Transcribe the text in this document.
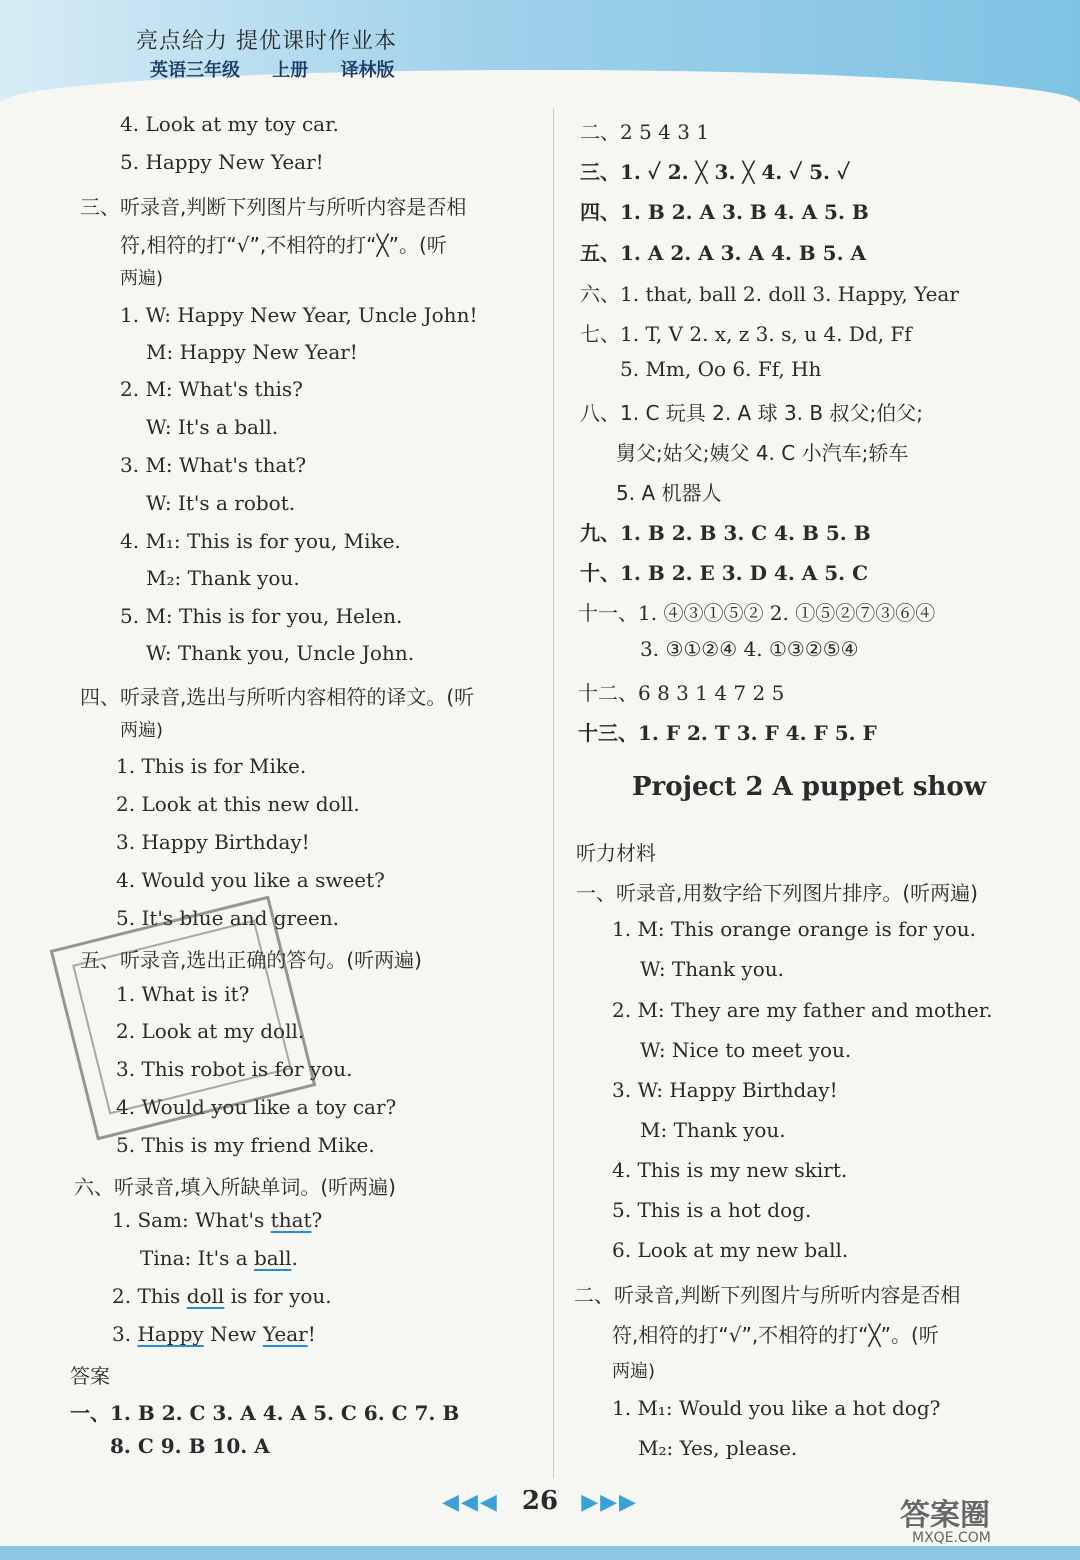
亮点给力 提优课时作业本
英语三年级 上册 译林版
4. Look at my toy car.
5. Happy New Year!
三、听录音,判断下列图片与所听内容是否相
符,相符的打“√”,不相符的打“╳”。(听
两遍)
1. W: Happy New Year, Uncle John!
M: Happy New Year!
2. M: What's this?
W: It's a ball.
3. M: What's that?
W: It's a robot.
4. M₁: This is for you, Mike.
M₂: Thank you.
5. M: This is for you, Helen.
W: Thank you, Uncle John.
四、听录音,选出与所听内容相符的译文。(听
两遍)
1. This is for Mike.
2. Look at this new doll.
3. Happy Birthday!
4. Would you like a sweet?
5. It's blue and green.
五、听录音,选出正确的答句。(听两遍)
1. What is it?
2. Look at my doll.
3. This robot is for you.
4. Would you like a toy car?
5. This is my friend Mike.
六、听录音,填入所缺单词。(听两遍)
1. Sam: What's that?
Tina: It's a ball.
2. This doll is for you.
3. Happy New Year!
答案
一、1. B 2. C 3. A 4. A 5. C 6. C 7. B
8. C 9. B 10. A
二、2 5 4 3 1
三、1. ✓ 2. ╳ 3. ╳ 4. ✓ 5. ✓
四、1. B 2. A 3. B 4. A 5. B
五、1. A 2. A 3. A 4. B 5. A
六、1. that, ball 2. doll 3. Happy, Year
七、1. T, V 2. x, z 3. s, u 4. Dd, Ff
5. Mm, Oo 6. Ff, Hh
八、1. C 玩具 2. A 球 3. B 叔父;伯父;
舅父;姑父;姨父 4. C 小汽车;轿车
5. A 机器人
九、1. B 2. B 3. C 4. B 5. B
十、1. B 2. E 3. D 4. A 5. C
十一、1. ④③①⑤② 2. ①⑤②⑦③⑥④
3. ③①②④ 4. ①③②⑤④
十二、6 8 3 1 4 7 2 5
十三、1. F 2. T 3. F 4. F 5. F
Project 2 A puppet show
听力材料
一、听录音,用数字给下列图片排序。(听两遍)
1. M: This orange orange is for you.
W: Thank you.
2. M: They are my father and mother.
W: Nice to meet you.
3. W: Happy Birthday!
M: Thank you.
4. This is my new skirt.
5. This is a hot dog.
6. Look at my new ball.
二、听录音,判断下列图片与所听内容是否相
符,相符的打“√”,不相符的打“╳”。(听
两遍)
1. M₁: Would you like a hot dog?
M₂: Yes, please.
◀◀◀ 26 ▶▶▶	答案圈
MXQE.COM
